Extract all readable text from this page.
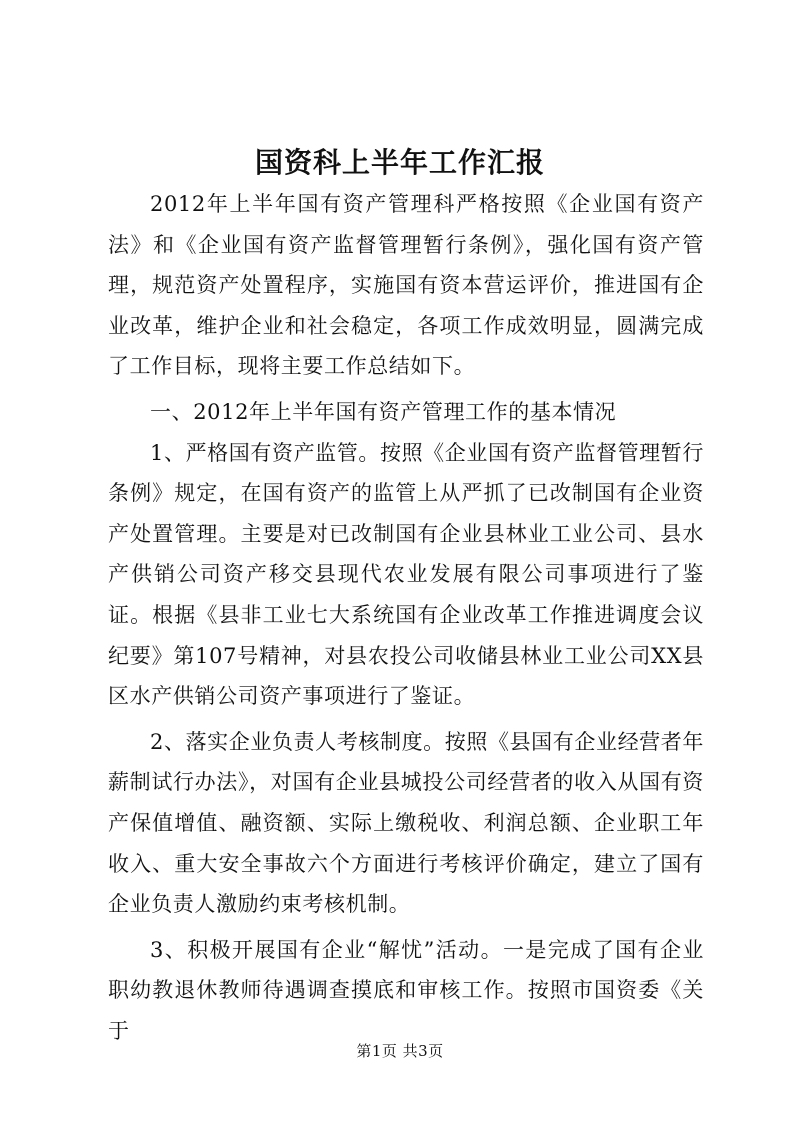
国资科上半年工作汇报

2012年上半年国有资产管理科严格按照《企业国有资产法》和《企业国有资产监督管理暂行条例》，强化国有资产管理，规范资产处置程序，实施国有资本营运评价，推进国有企业改革，维护企业和社会稳定，各项工作成效明显，圆满完成了工作目标，现将主要工作总结如下。

一、2012年上半年国有资产管理工作的基本情况

1、严格国有资产监管。按照《企业国有资产监督管理暂行条例》规定，在国有资产的监管上从严抓了已改制国有企业资产处置管理。主要是对已改制国有企业县林业工业公司、县水产供销公司资产移交县现代农业发展有限公司事项进行了鉴证。根据《县非工业七大系统国有企业改革工作推进调度会议纪要》第107号精神，对县农投公司收储县林业工业公司XX县区水产供销公司资产事项进行了鉴证。

2、落实企业负责人考核制度。按照《县国有企业经营者年薪制试行办法》，对国有企业县城投公司经营者的收入从国有资产保值增值、融资额、实际上缴税收、利润总额、企业职工年收入、重大安全事故六个方面进行考核评价确定，建立了国有企业负责人激励约束考核机制。

3、积极开展国有企业“解忧”活动。一是完成了国有企业职幼教退休教师待遇调查摸底和审核工作。按照市国资委《关于

第1页 共3页
